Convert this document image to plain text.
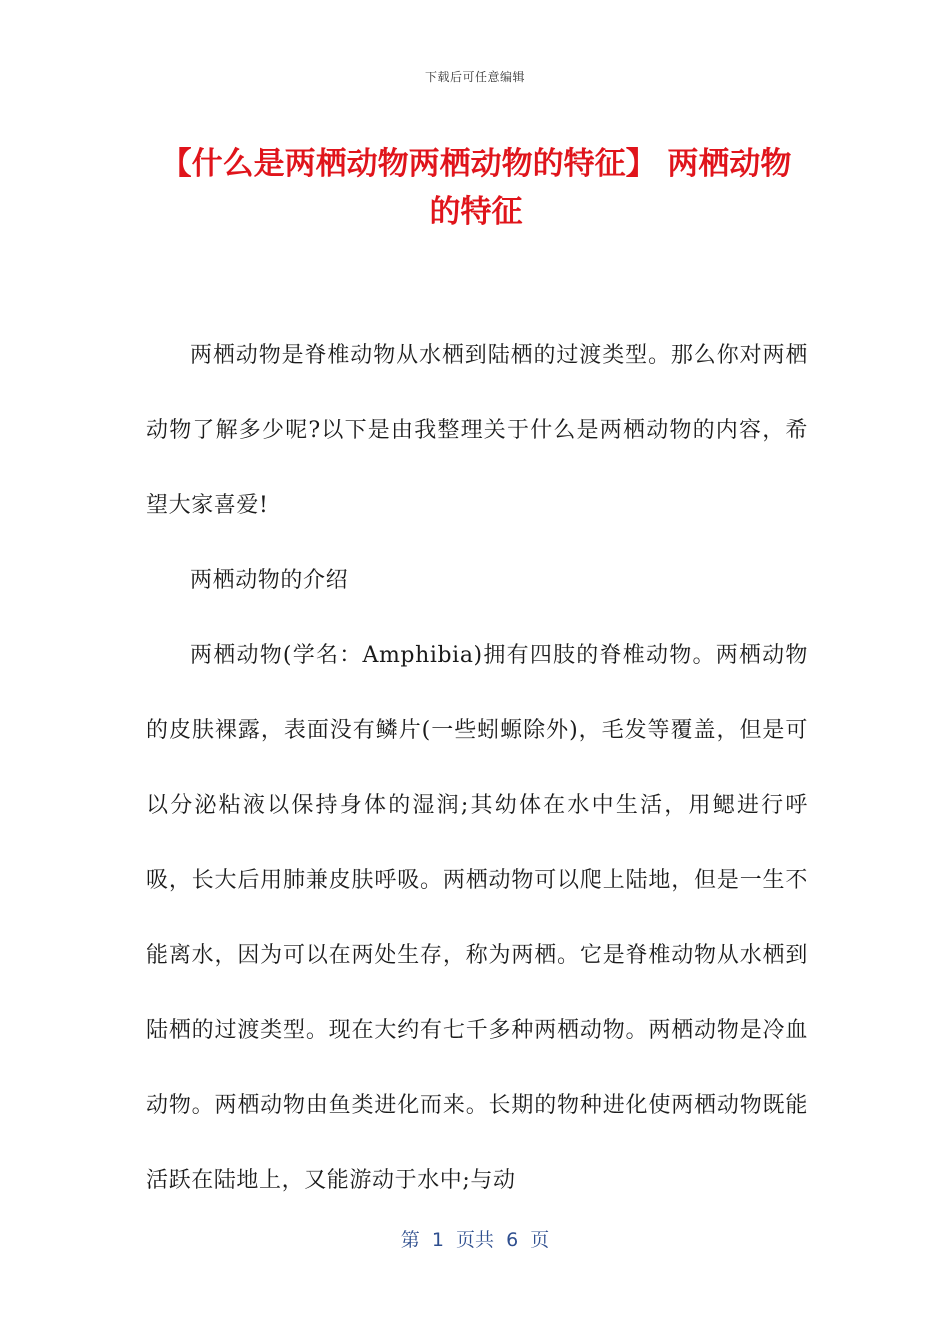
下载后可任意编辑
【什么是两栖动物两栖动物的特征】 两栖动物的特征

两栖动物是脊椎动物从水栖到陆栖的过渡类型。那么你对两栖动物了解多少呢?以下是由我整理关于什么是两栖动物的内容，希望大家喜爱!

两栖动物的介绍

两栖动物(学名：Amphibia)拥有四肢的脊椎动物。两栖动物的皮肤裸露，表面没有鳞片(一些蚓螈除外)，毛发等覆盖，但是可以分泌粘液以保持身体的湿润;其幼体在水中生活，用鳃进行呼吸，长大后用肺兼皮肤呼吸。两栖动物可以爬上陆地，但是一生不能离水，因为可以在两处生存，称为两栖。它是脊椎动物从水栖到陆栖的过渡类型。现在大约有七千多种两栖动物。两栖动物是冷血动物。两栖动物由鱼类进化而来。长期的物种进化使两栖动物既能活跃在陆地上，又能游动于水中;与动

第  1  页共  6  页
